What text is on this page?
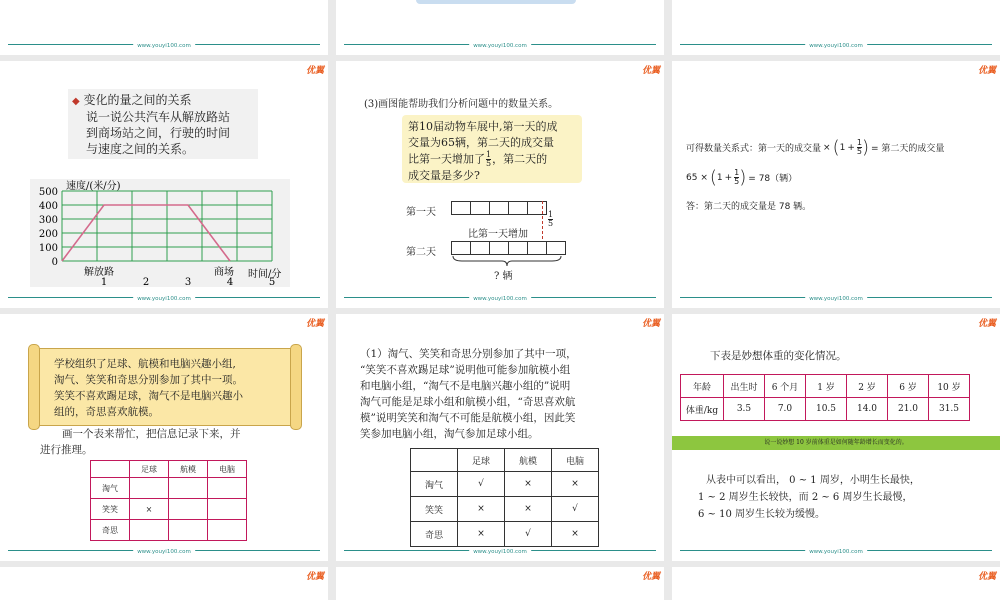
www.youyi100.com	www.youyi100.com	www.youyi100.com
优翼
◆ 变化的量之间的关系
说一说公共汽车从解放路站
到商场站之间，行驶的时间
与速度之间的关系。
500
400
300
200
100
0
1	2	3	4	5
速度/(米/分)
时间/分
解放路	商场
www.youyi100.com
优翼
(3)画图能帮助我们分析问题中的数量关系。
第10届动物车展中,第一天的成
交量为65辆，第二天的成交量
比第一天增加了 $\frac{1}{5}$ ，第二天的
成交量是多少?
第一天	$\frac{1}{5}$
比第一天增加
第二天
? 辆
www.youyi100.com
优翼
可得数量关系式：第一天的成交量 × ( $1 + \frac{1}{5}$ ) = 第二天的成交量
65 × ( $1 + \frac{1}{5}$ ) = 78（辆）
答：第二天的成交量是 78 辆。
www.youyi100.com
优翼
学校组织了足球、航模和电脑兴趣小组,
淘气、笑笑和奇思分别参加了其中一项。
笑笑不喜欢踢足球，淘气不是电脑兴趣小
组的，奇思喜欢航模。
画一个表来帮忙，把信息记录下来，并
进行推理。
	足球	航模	电脑
淘气			
笑笑	×		
奇思			
www.youyi100.com
优翼
（1）淘气、笑笑和奇思分别参加了其中一项，
“笑笑不喜欢踢足球”说明他可能参加航模小组
和电脑小组，“淘气不是电脑兴趣小组的”说明
淘气可能是足球小组和航模小组，“奇思喜欢航
模”说明笑笑和淘气不可能是航模小组，因此笑
笑参加电脑小组，淘气参加足球小组。
	足球	航模	电脑
淘气	√	×	×
笑笑	×	×	√
奇思	×	√	×
www.youyi100.com
优翼
下表是妙想体重的变化情况。
年龄	出生时	6 个月	1 岁	2 岁	6 岁	10 岁
体重/kg	3.5	7.0	10.5	14.0	21.0	31.5
说一说妙想 10 岁前体重是如何随年龄增长而变化的。
从表中可以看出， 0 ~ 1 周岁，小明生长最快，
1 ~ 2 周岁生长较快，而 2 ~ 6 周岁生长最慢，
6 ~ 10 周岁生长较为缓慢。
www.youyi100.com
优翼	优翼	优翼
